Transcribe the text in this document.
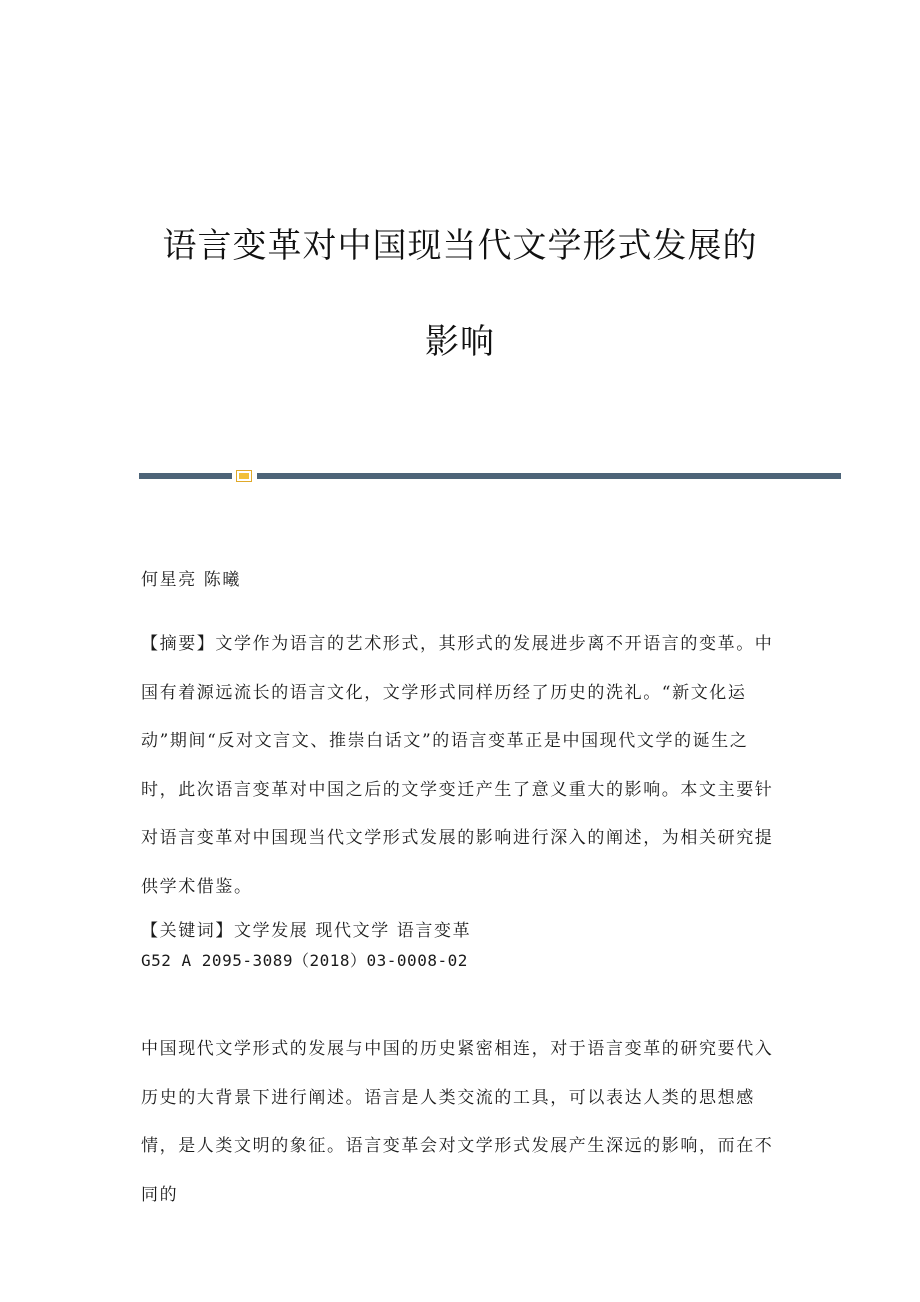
语言变革对中国现当代文学形式发展的
影响

何星亮 陈曦

【摘要】文学作为语言的艺术形式，其形式的发展进步离不开语言的变革。中国有着源远流长的语言文化，文学形式同样历经了历史的洗礼。“新文化运动”期间“反对文言文、推崇白话文”的语言变革正是中国现代文学的诞生之时，此次语言变革对中国之后的文学变迁产生了意义重大的影响。本文主要针对语言变革对中国现当代文学形式发展的影响进行深入的阐述，为相关研究提供学术借鉴。

【关键词】文学发展 现代文学 语言变革

G52 A 2095-3089（2018）03-0008-02

中国现代文学形式的发展与中国的历史紧密相连，对于语言变革的研究要代入历史的大背景下进行阐述。语言是人类交流的工具，可以表达人类的思想感情，是人类文明的象征。语言变革会对文学形式发展产生深远的影响，而在不同的
